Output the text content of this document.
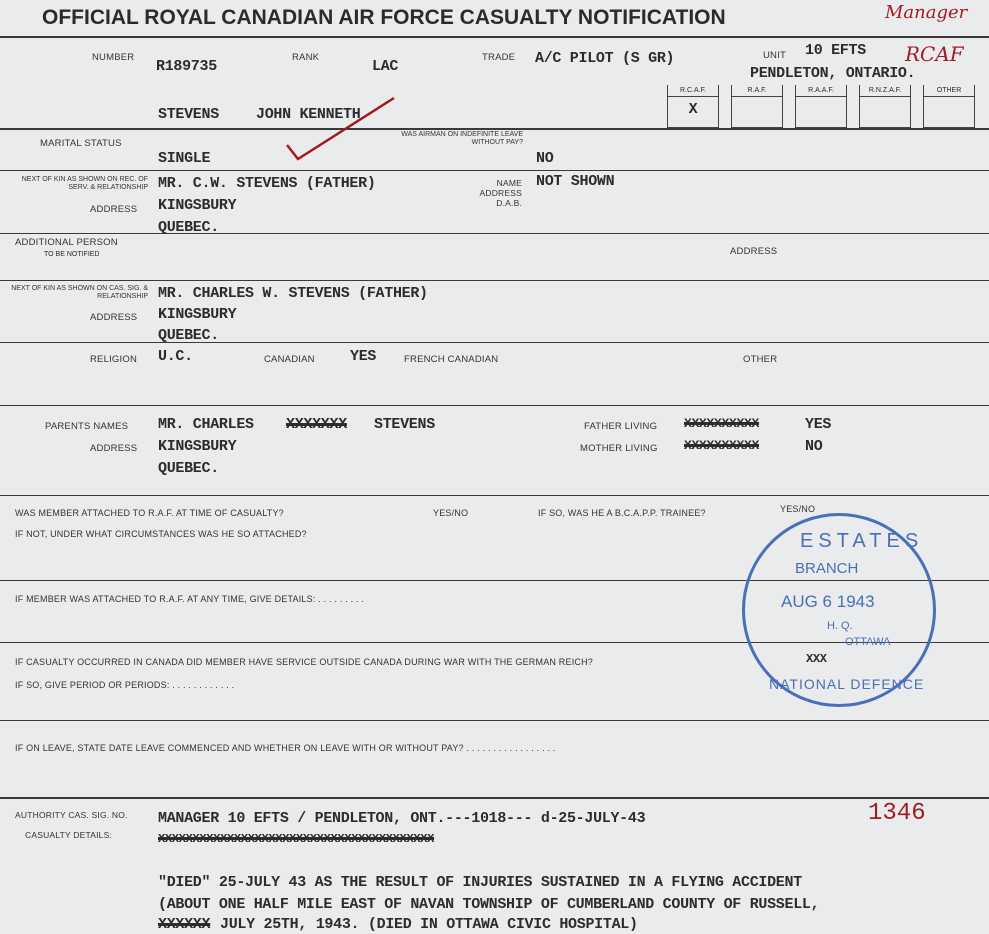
OFFICIAL ROYAL CANADIAN AIR FORCE CASUALTY NOTIFICATION	Manager
RCAF
NUMBER
R189735
RANK
LAC
TRADE A/C PILOT (S GR)	UNIT 10 EFTS
PENDLETON, ONTARIO.
R.C.A.F.
X
R.A.F.	R.A.A.F.	R.N.Z.A.F.	OTHER
STEVENS JOHN KENNETH
MARITAL STATUS
SINGLE
WAS AIRMAN ON INDEFINITE LEAVE WITHOUT PAY?
NO
NEXT OF KIN AS SHOWN ON REC. OF SERV. & RELATIONSHIP MR. C.W. STEVENS (FATHER)
ADDRESS KINGSBURY
QUEBEC.
NAME ADDRESS D.A.B.
NOT SHOWN
ADDITIONAL PERSON
TO BE NOTIFIED	ADDRESS
NEXT OF KIN AS SHOWN ON CAS. SIG. & RELATIONSHIP MR. CHARLES W. STEVENS (FATHER)
ADDRESS KINGSBURY
QUEBEC.
RELIGION U.C.	CANADIAN YES	FRENCH CANADIAN	OTHER
PARENTS NAMES MR. CHARLES XXXXXXX STEVENS
ADDRESS KINGSBURY
QUEBEC.
FATHER LIVING XXXXXXXXXX	YES
MOTHER LIVING XXXXXXXXXX	NO
WAS MEMBER ATTACHED TO R.A.F. AT TIME OF CASUALTY?	YES/NO	IF SO, WAS HE A B.C.A.P.P. TRAINEE?	YES/NO
IF NOT, UNDER WHAT CIRCUMSTANCES WAS HE SO ATTACHED?
IF MEMBER WAS ATTACHED TO R.A.F. AT ANY TIME, GIVE DETAILS: . . . . . . . . .
IF CASUALTY OCCURRED IN CANADA DID MEMBER HAVE SERVICE OUTSIDE CANADA DURING WAR WITH THE GERMAN REICH?	XXX
IF SO, GIVE PERIOD OR PERIODS: . . . . . . . . . . . .
IF ON LEAVE, STATE DATE LEAVE COMMENCED AND WHETHER ON LEAVE WITH OR WITHOUT PAY? . . . . . . . . . . . . . . . . .
ESTATES
BRANCH
AUG 6 1943
H. Q.
OTTAWA
NATIONAL DEFENCE
AUTHORITY CAS. SIG. NO. MANAGER 10 EFTS / PENDLETON, ONT.---1018--- d-25-JULY-43	1346
CASUALTY DETAILS:	XXXXXXXXXXXXXXXXXXXXXXXXXXXXXXXXXXXXXXXX
"DIED" 25-JULY 43 AS THE RESULT OF INJURIES SUSTAINED IN A FLYING ACCIDENT
(ABOUT ONE HALF MILE EAST OF NAVAN TOWNSHIP OF CUMBERLAND COUNTY OF RUSSELL,
XXXXXX JULY 25TH, 1943. (DIED IN OTTAWA CIVIC HOSPITAL)
